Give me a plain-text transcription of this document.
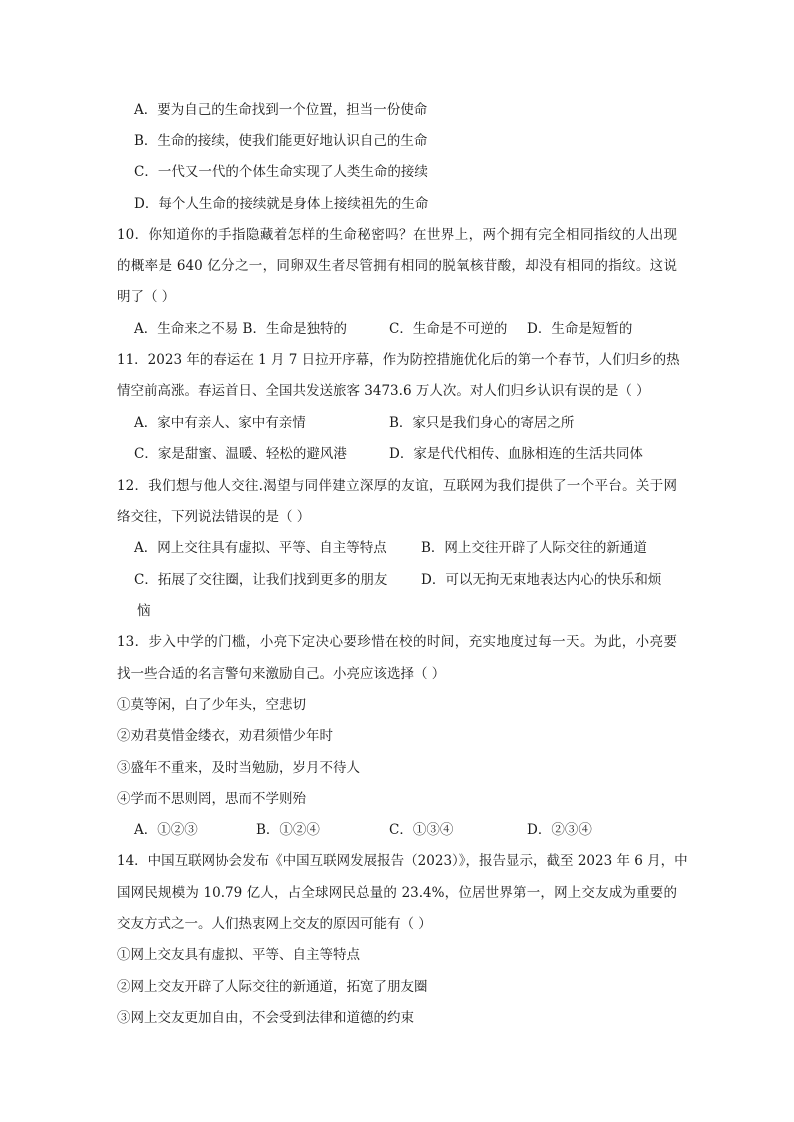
A．要为自己的生命找到一个位置，担当一份使命
B．生命的接续，使我们能更好地认识自己的生命
C．一代又一代的个体生命实现了人类生命的接续
D．每个人生命的接续就是身体上接续祖先的生命
10．你知道你的手指隐藏着怎样的生命秘密吗？在世界上，两个拥有完全相同指纹的人出现
的概率是 640 亿分之一，同卵双生者尽管拥有相同的脱氧核苷酸，却没有相同的指纹。这说
明了（ ）
A．生命来之不易 B．生命是独特的	C．生命是不可逆的 D．生命是短暂的
11．2023 年的春运在 1 月 7 日拉开序幕，作为防控措施优化后的第一个春节，人们归乡的热
情空前高涨。春运首日、全国共发送旅客 3473.6 万人次。对人们归乡认识有误的是（ ）
A．家中有亲人、家中有亲情	B．家只是我们身心的寄居之所
C．家是甜蜜、温暖、轻松的避风港	D．家是代代相传、血脉相连的生活共同体
12．我们想与他人交往.渴望与同伴建立深厚的友谊，互联网为我们提供了一个平台。关于网
络交往，下列说法错误的是（ ）
A．网上交往具有虚拟、平等、自主等特点	B．网上交往开辟了人际交往的新通道
C．拓展了交往圈，让我们找到更多的朋友 D．可以无拘无束地表达内心的快乐和烦
恼
13．步入中学的门槛，小亮下定决心要珍惜在校的时间，充实地度过每一天。为此，小亮要
找一些合适的名言警句来激励自己。小亮应该选择（ ）
①莫等闲，白了少年头，空悲切
②劝君莫惜金缕衣，劝君须惜少年时
③盛年不重来，及时当勉励，岁月不待人
④学而不思则罔，思而不学则殆
A．①②③	B．①②④	C．①③④	D．②③④
14．中国互联网协会发布《中国互联网发展报告（2023）》，报告显示，截至 2023 年 6 月，中
国网民规模为 10.79 亿人，占全球网民总量的 23.4%，位居世界第一，网上交友成为重要的
交友方式之一。人们热衷网上交友的原因可能有（ ）
①网上交友具有虚拟、平等、自主等特点
②网上交友开辟了人际交往的新通道，拓宽了朋友圈
③网上交友更加自由，不会受到法律和道德的约束
